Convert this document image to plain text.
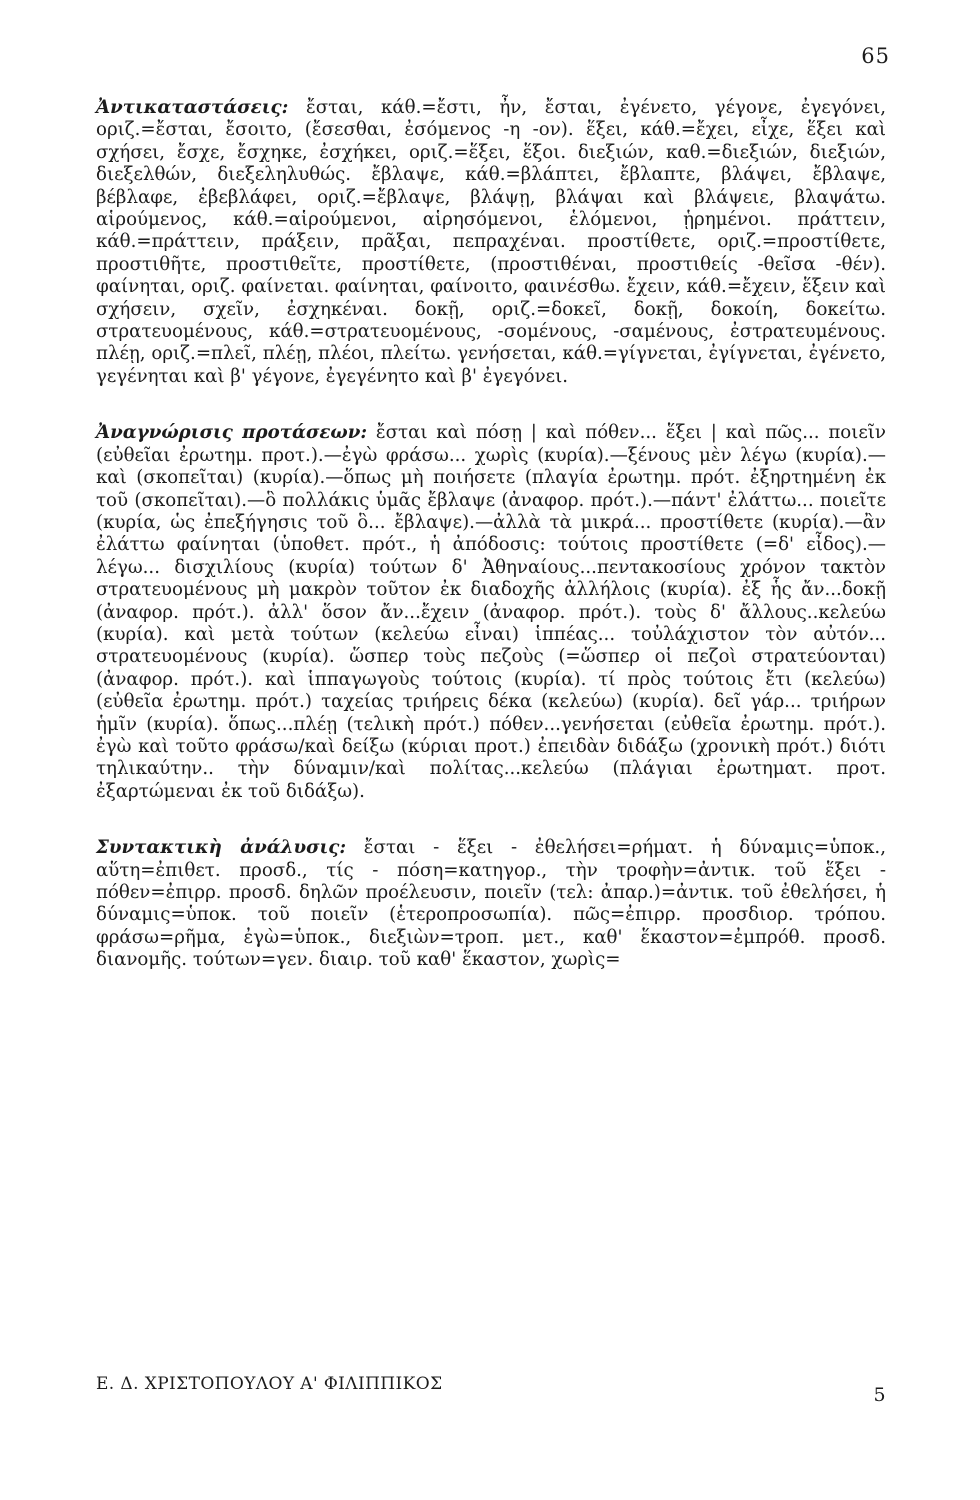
65

Ἀντικαταστάσεις: ἔσται, κάθ.=ἔστι, ἦν, ἔσται, ἐγένετο, γέγονε, ἐγεγόνει, οριζ.=ἔσται, ἔσοιτο, (ἔσεσθαι, ἐσόμενος -η -ον). ἕξει, κάθ.=ἔχει, εἶχε, ἕξει καὶ σχήσει, ἔσχε, ἔσχηκε, ἐσχήκει, οριζ.=ἕξει, ἕξοι. διεξιών, καθ.=διεξιών, διεξιών, διεξελθών, διεξεληλυθώς. ἔβλαψε, κάθ.=βλάπτει, ἔβλαπτε, βλάψει, ἔβλαψε, βέβλαφε, ἐβεβλάφει, οριζ.=ἔβλαψε, βλάψῃ, βλάψαι καὶ βλάψειε, βλαψάτω. αἱρούμενος, κάθ.=αἱρούμενοι, αἱρησόμενοι, ἑλόμενοι, ᾑρημένοι. πράττειν, κάθ.=πράττειν, πράξειν, πρᾶξαι, πεπραχέναι. προστίθετε, οριζ.=προστίθετε, προστιθῆτε, προστιθεῖτε, προστίθετε, (προστιθέναι, προστιθείς -θεῖσα -θέν). φαίνηται, οριζ. φαίνεται. φαίνηται, φαίνοιτο, φαινέσθω. ἔχειν, κάθ.=ἔχειν, ἕξειν καὶ σχήσειν, σχεῖν, ἐσχηκέναι. δοκῇ, οριζ.=δοκεῖ, δοκῇ, δοκοίη, δοκείτω. στρατευομένους, κάθ.=στρατευομένους, -σομένους, -σαμένους, ἐστρατευμένους. πλέῃ, οριζ.=πλεῖ, πλέῃ, πλέοι, πλείτω. γενήσεται, κάθ.=γίγνεται, ἐγίγνεται, ἐγένετο, γεγένηται καὶ β' γέγονε, ἐγεγένητο καὶ β' ἐγεγόνει.

Ἀναγνώρισις προτάσεων: ἔσται καὶ πόσῃ | καὶ πόθεν... ἕξει | καὶ πῶς... ποιεῖν (εὐθεῖαι ἐρωτημ. προτ.).—ἐγὼ φράσω... χωρὶς (κυρία).—ξένους μὲν λέγω (κυρία).—καὶ (σκοπεῖται) (κυρία).—ὅπως μὴ ποιήσετε (πλαγία ἐρωτημ. πρότ. ἐξηρτημένη ἐκ τοῦ (σκοπεῖται).—ὃ πολλάκις ὑμᾶς ἔβλαψε (ἀναφορ. πρότ.).—πάντ' ἐλάττω... ποιεῖτε (κυρία, ὡς ἐπεξήγησις τοῦ ὃ... ἔβλαψε).—ἀλλὰ τὰ μικρά... προστίθετε (κυρία).—ἂν ἐλάττω φαίνηται (ὑποθετ. πρότ., ἡ ἀπόδοσις: τούτοις προστίθετε (=δ' εἶδος).—λέγω... δισχιλίους (κυρία) τούτων δ' Ἀθηναίους...πεντακοσίους χρόνον τακτὸν στρατευομένους μὴ μακρὸν τοῦτον ἐκ διαδοχῆς ἀλλήλοις (κυρία). ἐξ ἧς ἄν...δοκῇ (ἀναφορ. πρότ.). ἀλλ' ὅσον ἄν...ἔχειν (ἀναφορ. πρότ.). τοὺς δ' ἄλλους..κελεύω (κυρία). καὶ μετὰ τούτων (κελεύω εἶναι) ἱππέας... τοὐλάχιστον τὸν αὐτόν... στρατευομένους (κυρία). ὥσπερ τοὺς πεζοὺς (=ὥσπερ οἱ πεζοὶ στρατεύονται) (ἀναφορ. πρότ.). καὶ ἱππαγωγοὺς τούτοις (κυρία). τί πρὸς τούτοις ἔτι (κελεύω) (εὐθεῖα ἐρωτημ. πρότ.) ταχείας τριήρεις δέκα (κελεύω) (κυρία). δεῖ γάρ... τριήρων ἡμῖν (κυρία). ὅπως...πλέῃ (τελικὴ πρότ.) πόθεν...γενήσεται (εὐθεῖα ἐρωτημ. πρότ.). ἐγὼ καὶ τοῦτο φράσω/καὶ δείξω (κύριαι προτ.) ἐπειδὰν διδάξω (χρονικὴ πρότ.) διότι τηλικαύτην.. τὴν δύναμιν/καὶ πολίτας...κελεύω (πλάγιαι ἐρωτηματ. προτ. ἐξαρτώμεναι ἐκ τοῦ διδάξω).

Συντακτικὴ ἀνάλυσις: ἔσται - ἕξει - ἐθελήσει=ρήματ. ἡ δύναμις=ὑποκ., αὕτη=ἐπιθετ. προσδ., τίς - πόση=κατηγορ., τὴν τροφὴν=ἀντικ. τοῦ ἕξει - πόθεν=ἐπιρρ. προσδ. δηλῶν προέλευσιν, ποιεῖν (τελ: ἀπαρ.)=ἀντικ. τοῦ ἐθελήσει, ἡ δύναμις=ὑποκ. τοῦ ποιεῖν (ἑτεροπροσωπία). πῶς=ἐπιρρ. προσδιορ. τρόπου. φράσω=ρῆμα, ἐγὼ=ὑποκ., διεξιὼν=τροπ. μετ., καθ' ἕκαστον=ἐμπρόθ. προσδ. διανομῆς. τούτων=γεν. διαιρ. τοῦ καθ' ἕκαστον, χωρὶς=

Ε. Δ. ΧΡΙΣΤΟΠΟΥΛΟΥ Α' ΦΙΛΙΠΠΙΚΟΣ	5
